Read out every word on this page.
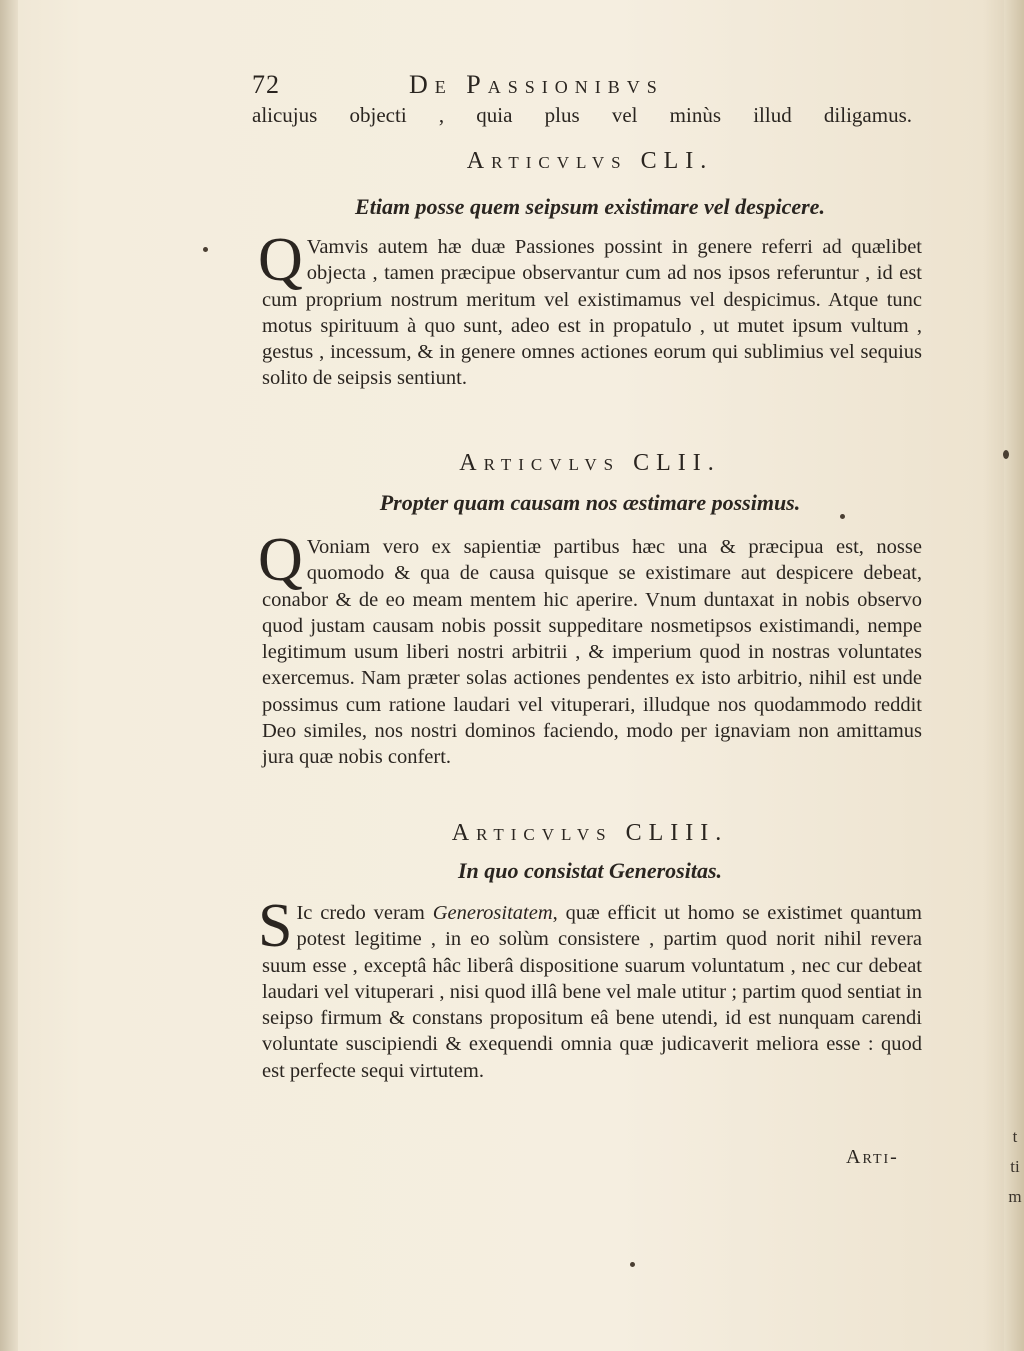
t
ti
m
72	De Passionibvs
alicujus objecti , quia plus vel minùs illud diligamus.
Articvlvs CLI.
Etiam posse quem seipsum existimare vel despicere.
Q Vamvis autem hæ duæ Passiones possint in genere referri ad quælibet objecta , tamen præcipue observantur cum ad nos ipsos referuntur , id est cum proprium nostrum meritum vel existimamus vel despicimus. Atque tunc motus spirituum à quo sunt, adeo est in propatulo , ut mutet ipsum vultum , gestus , incessum, & in genere omnes actiones eorum qui sublimius vel sequius solito de seipsis sentiunt.
Articvlvs CLII.
Propter quam causam nos æstimare possimus.
Q Voniam vero ex sapientiæ partibus hæc una & præcipua est, nosse quomodo & qua de causa quisque se existimare aut despicere debeat, conabor & de eo meam mentem hic aperire. Vnum duntaxat in nobis observo quod justam causam nobis possit suppeditare nosmetipsos existimandi, nempe legitimum usum liberi nostri arbitrii , & imperium quod in nostras voluntates exercemus. Nam præter solas actiones pendentes ex isto arbitrio, nihil est unde possimus cum ratione laudari vel vituperari, illudque nos quodammodo reddit Deo similes, nos nostri dominos faciendo, modo per ignaviam non amittamus jura quæ nobis confert.
Articvlvs CLIII.
In quo consistat Generositas.
S Ic credo veram Generositatem, quæ efficit ut homo se existimet quantum potest legitime , in eo solùm consistere , partim quod norit nihil revera suum esse , exceptâ hâc liberâ dispositione suarum voluntatum , nec cur debeat laudari vel vituperari , nisi quod illâ bene vel male utitur ; partim quod sentiat in seipso firmum & constans propositum eâ bene utendi, id est nunquam carendi voluntate suscipiendi & exequendi omnia quæ judicaverit meliora esse : quod est perfecte sequi virtutem.
Arti-
